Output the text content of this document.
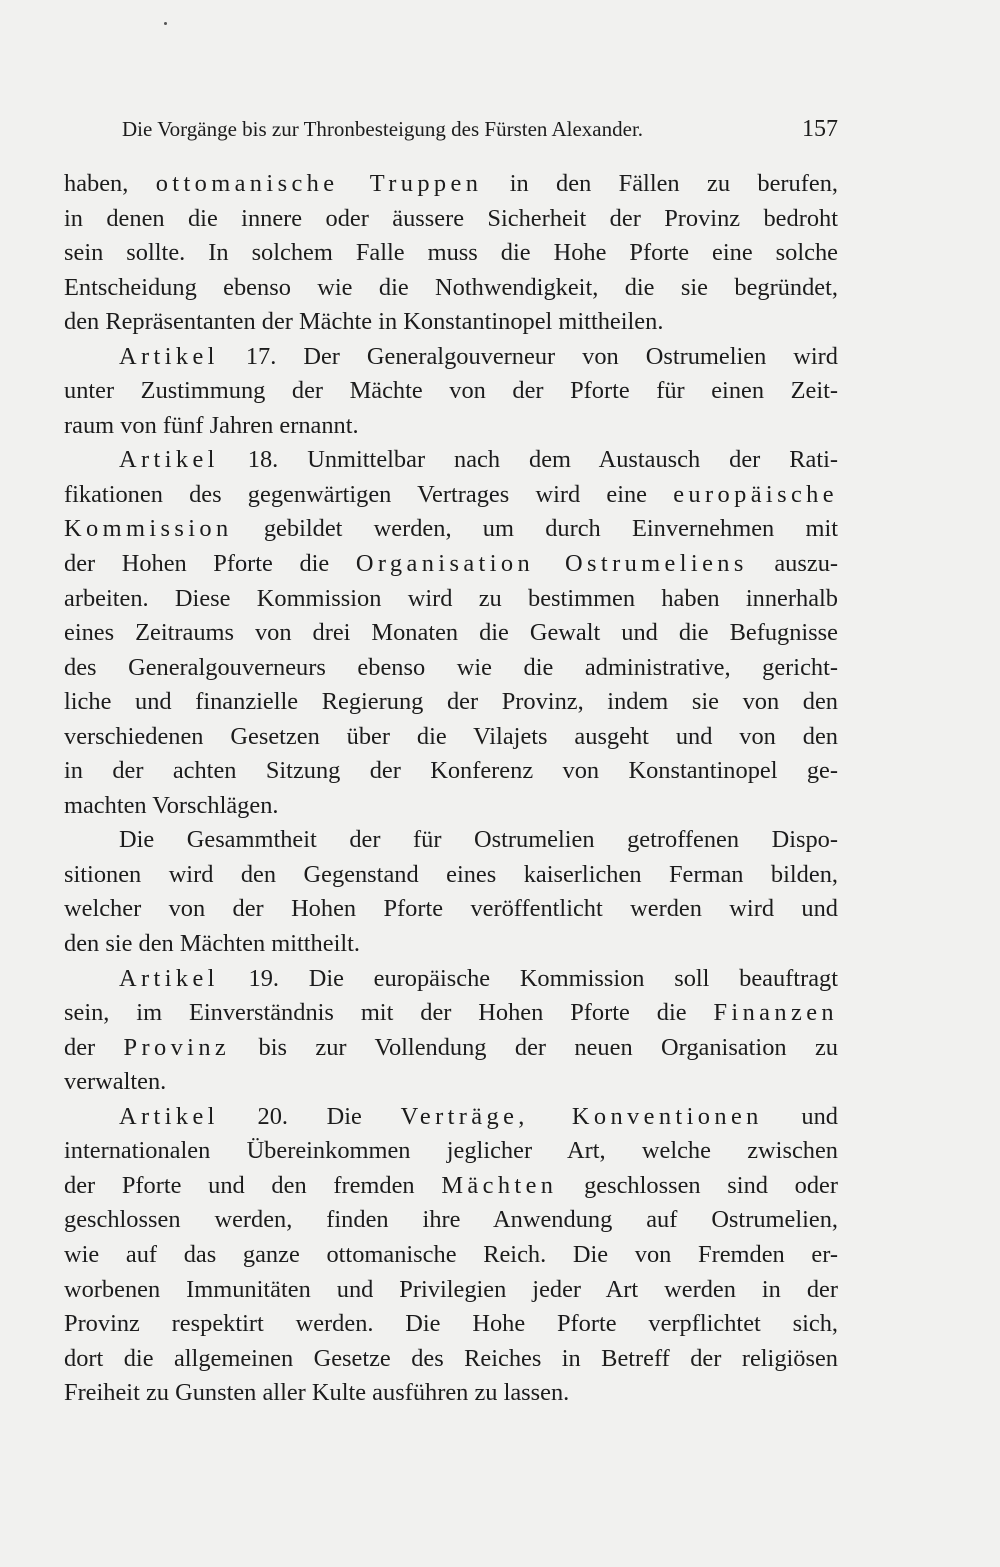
Die Vorgänge bis zur Thronbesteigung des Fürsten Alexander.	157
haben, ottomanische Truppen in den Fällen zu berufen,
in denen die innere oder äussere Sicherheit der Provinz bedroht
sein sollte. In solchem Falle muss die Hohe Pforte eine solche
Entscheidung ebenso wie die Nothwendigkeit, die sie begründet,
den Repräsentanten der Mächte in Konstantinopel mittheilen.
Artikel 17. Der Generalgouverneur von Ostrumelien wird
unter Zustimmung der Mächte von der Pforte für einen Zeit-
raum von fünf Jahren ernannt.
Artikel 18. Unmittelbar nach dem Austausch der Rati-
fikationen des gegenwärtigen Vertrages wird eine europäische
Kommission gebildet werden, um durch Einvernehmen mit
der Hohen Pforte die Organisation Ostrumeliens auszu-
arbeiten. Diese Kommission wird zu bestimmen haben innerhalb
eines Zeitraums von drei Monaten die Gewalt und die Befugnisse
des Generalgouverneurs ebenso wie die administrative, gericht-
liche und finanzielle Regierung der Provinz, indem sie von den
verschiedenen Gesetzen über die Vilajets ausgeht und von den
in der achten Sitzung der Konferenz von Konstantinopel ge-
machten Vorschlägen.
Die Gesammtheit der für Ostrumelien getroffenen Dispo-
sitionen wird den Gegenstand eines kaiserlichen Ferman bilden,
welcher von der Hohen Pforte veröffentlicht werden wird und
den sie den Mächten mittheilt.
Artikel 19. Die europäische Kommission soll beauftragt
sein, im Einverständnis mit der Hohen Pforte die Finanzen
der Provinz bis zur Vollendung der neuen Organisation zu
verwalten.
Artikel 20. Die Verträge, Konventionen und
internationalen Übereinkommen jeglicher Art, welche zwischen
der Pforte und den fremden Mächten geschlossen sind oder
geschlossen werden, finden ihre Anwendung auf Ostrumelien,
wie auf das ganze ottomanische Reich. Die von Fremden er-
worbenen Immunitäten und Privilegien jeder Art werden in der
Provinz respektirt werden. Die Hohe Pforte verpflichtet sich,
dort die allgemeinen Gesetze des Reiches in Betreff der religiösen
Freiheit zu Gunsten aller Kulte ausführen zu lassen.
